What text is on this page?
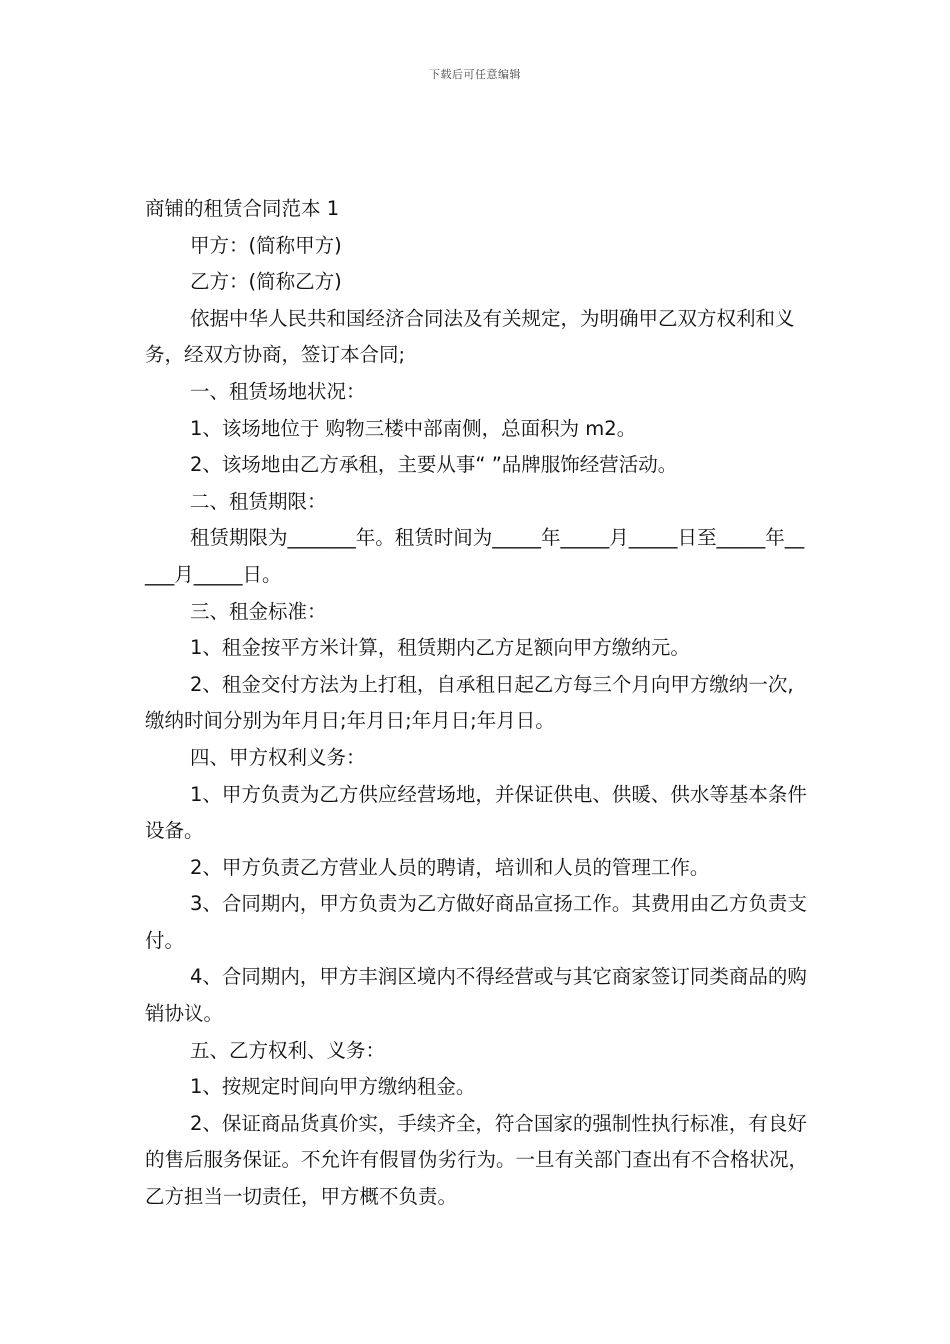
下载后可任意编辑

商铺的租赁合同范本 1

甲方：(简称甲方)

乙方：(简称乙方)

依据中华人民共和国经济合同法及有关规定，为明确甲乙双方权利和义务，经双方协商，签订本合同;

一、租赁场地状况：

1、该场地位于 购物三楼中部南侧，总面积为 m2。

2、该场地由乙方承租，主要从事“ ”品牌服饰经营活动。

二、租赁期限：

租赁期限为_______年。租赁时间为_____年_____月_____日至_____年_____月_____日。

三、租金标准：

1、租金按平方米计算，租赁期内乙方足额向甲方缴纳元。

2、租金交付方法为上打租，自承租日起乙方每三个月向甲方缴纳一次,缴纳时间分别为年月日;年月日;年月日;年月日。

四、甲方权利义务：

1、甲方负责为乙方供应经营场地，并保证供电、供暖、供水等基本条件设备。

2、甲方负责乙方营业人员的聘请，培训和人员的管理工作。

3、合同期内，甲方负责为乙方做好商品宣扬工作。其费用由乙方负责支付。

4、合同期内，甲方丰润区境内不得经营或与其它商家签订同类商品的购销协议。

五、乙方权利、义务：

1、按规定时间向甲方缴纳租金。

2、保证商品货真价实，手续齐全，符合国家的强制性执行标准，有良好的售后服务保证。不允许有假冒伪劣行为。一旦有关部门查出有不合格状况，乙方担当一切责任，甲方概不负责。
